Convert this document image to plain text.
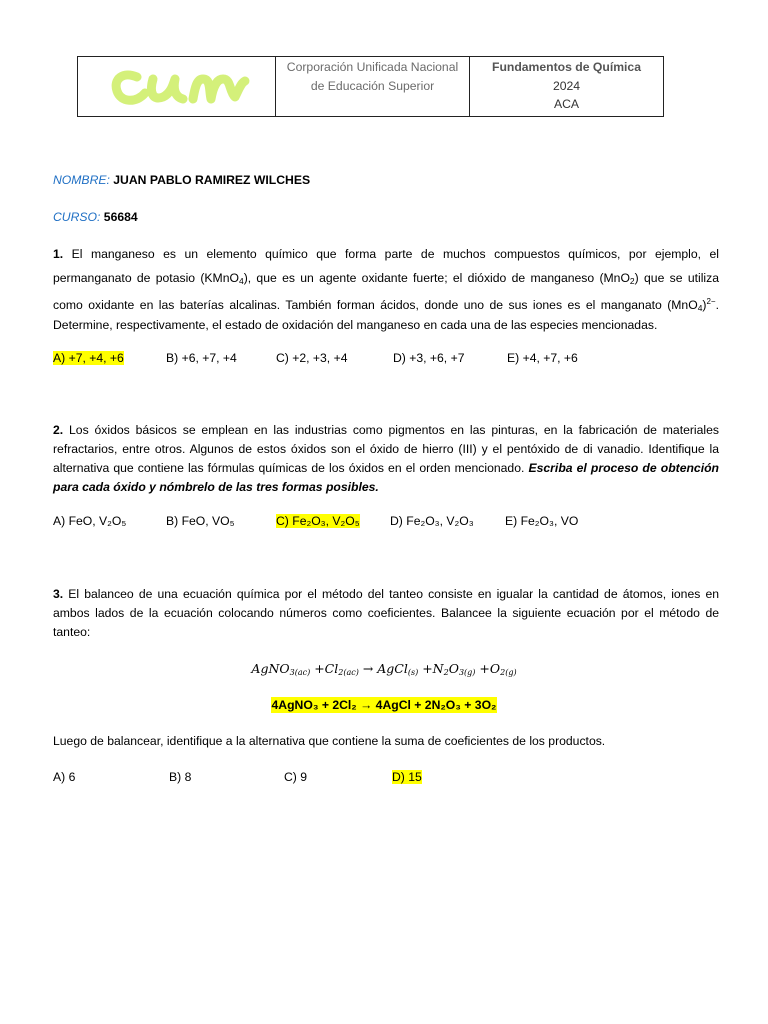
Corporación Unificada Nacional
de Educación Superior

Fundamentos de Química
2024
ACA
NOMBRE: JUAN PABLO RAMIREZ WILCHES
CURSO: 56684
1. El manganeso es un elemento químico que forma parte de muchos compuestos químicos, por ejemplo, el
permanganato de potasio (KMnO$_4$), que es un agente oxidante fuerte; el dióxido de manganeso (MnO$_2$) que se utiliza
como oxidante en las baterías alcalinas. También forman ácidos, donde uno de sus iones es el manganato $(MnO_4)^{2-}$.
Determine, respectivamente, el estado de oxidación del manganeso en cada una de las especies mencionadas.
A) +7, +4, +6	B) +6, +7, +4	C) +2, +3, +4	D) +3, +6, +7	E) +4, +7, +6
2. Los óxidos básicos se emplean en las industrias como pigmentos en las pinturas, en la fabricación de materiales
refractarios, entre otros. Algunos de estos óxidos son el óxido de hierro (III) y el pentóxido de di vanadio. Identifique la
alternativa que contiene las fórmulas químicas de los óxidos en el orden mencionado. Escriba el proceso de obtención
para cada óxido y nómbrelo de las tres formas posibles.
A) FeO, V₂O₅	B) FeO, VO₅	C) Fe₂O₃, V₂O₅ D) Fe₂O₃, V₂O₃	E) Fe₂O₃, VO
3. El balanceo de una ecuación química por el método del tanteo consiste en igualar la cantidad de átomos, iones en
ambos lados de la ecuación colocando números como coeficientes. Balancee la siguiente ecuación por el método de
tanteo:
AgNO$_{3(ac)}$ $+Cl_{2(ac)}$ → AgCl$_{(s)}$ $+N_2O_{3(g)} +O_{2(g)}$
4AgNO₃ + 2Cl₂ → 4AgCl + 2N₂O₃ + 3O₂
Luego de balancear, identifique a la alternativa que contiene la suma de coeficientes de los productos.
A) 6	B) 8	C) 9	D) 15
